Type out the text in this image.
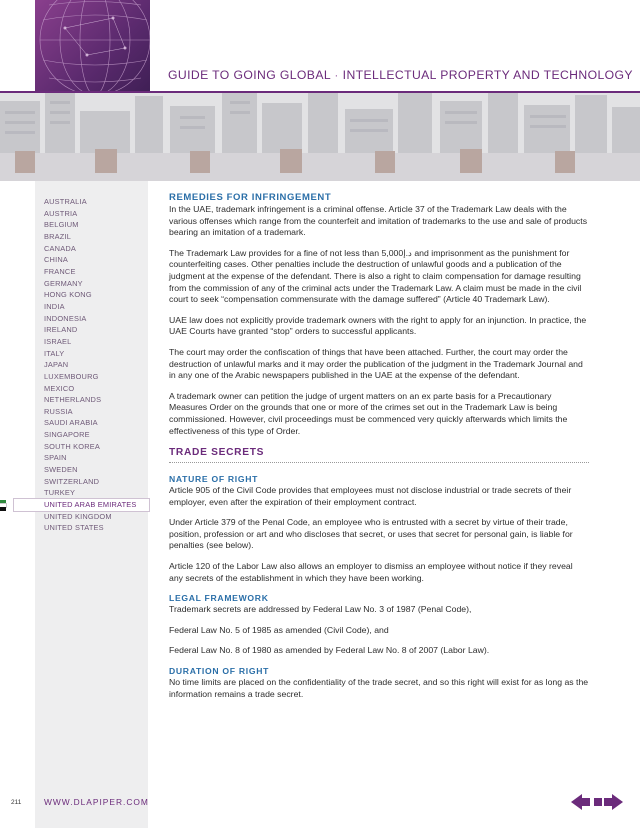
GUIDE TO GOING GLOBAL · INTELLECTUAL PROPERTY AND TECHNOLOGY
AUSTRALIA
AUSTRIA
BELGIUM
BRAZIL
CANADA
CHINA
FRANCE
GERMANY
HONG KONG
INDIA
INDONESIA
IRELAND
ISRAEL
ITALY
JAPAN
LUXEMBOURG
MEXICO
NETHERLANDS
RUSSIA
SAUDI ARABIA
SINGAPORE
SOUTH KOREA
SPAIN
SWEDEN
SWITZERLAND
TURKEY
UNITED ARAB EMIRATES
UNITED KINGDOM
UNITED STATES
REMEDIES FOR INFRINGEMENT

In the UAE, trademark infringement is a criminal offense. Article 37 of the Trademark Law deals with the various offenses which range from the counterfeit and imitation of trademarks to the use and sale of products bearing an imitation of a trademark.

The Trademark Law provides for a fine of not less than د.إ5,000 and imprisonment as the punishment for counterfeiting cases. Other penalties include the destruction of unlawful goods and a publication of the judgment at the expense of the defendant. There is also a right to claim compensation for damage resulting from the commission of any of the criminal acts under the Trademark Law. A claim must be made in the civil court to seek “compensation commensurate with the damage suffered” (Article 40 Trademark Law).

UAE law does not explicitly provide trademark owners with the right to apply for an injunction. In practice, the UAE Courts have granted “stop” orders to successful applicants.

The court may order the confiscation of things that have been attached. Further, the court may order the destruction of unlawful marks and it may order the publication of the judgment in the Trademark Journal and in any one of the Arabic newspapers published in the UAE at the expense of the defendant.

A trademark owner can petition the judge of urgent matters on an ex parte basis for a Precautionary Measures Order on the grounds that one or more of the crimes set out in the Trademark Law is being commissioned. However, civil proceedings must be commenced very quickly afterwards which limits the effectiveness of this type of Order.

TRADE SECRETS
NATURE OF RIGHT

Article 905 of the Civil Code provides that employees must not disclose industrial or trade secrets of their employer, even after the expiration of their employment contract.

Under Article 379 of the Penal Code, an employee who is entrusted with a secret by virtue of their trade, position, profession or art and who discloses that secret, or uses that secret for personal gain, is liable for penalties (see below).

Article 120 of the Labor Law also allows an employer to dismiss an employee without notice if they reveal any secrets of the establishment in which they have been working.

LEGAL FRAMEWORK

Trademark secrets are addressed by Federal Law No. 3 of 1987 (Penal Code),

Federal Law No. 5 of 1985 as amended (Civil Code), and

Federal Law No. 8 of 1980 as amended by Federal Law No. 8 of 2007 (Labor Law).

DURATION OF RIGHT

No time limits are placed on the confidentiality of the trade secret, and so this right will exist for as long as the information remains a trade secret.

211	WWW.DLAPIPER.COM
